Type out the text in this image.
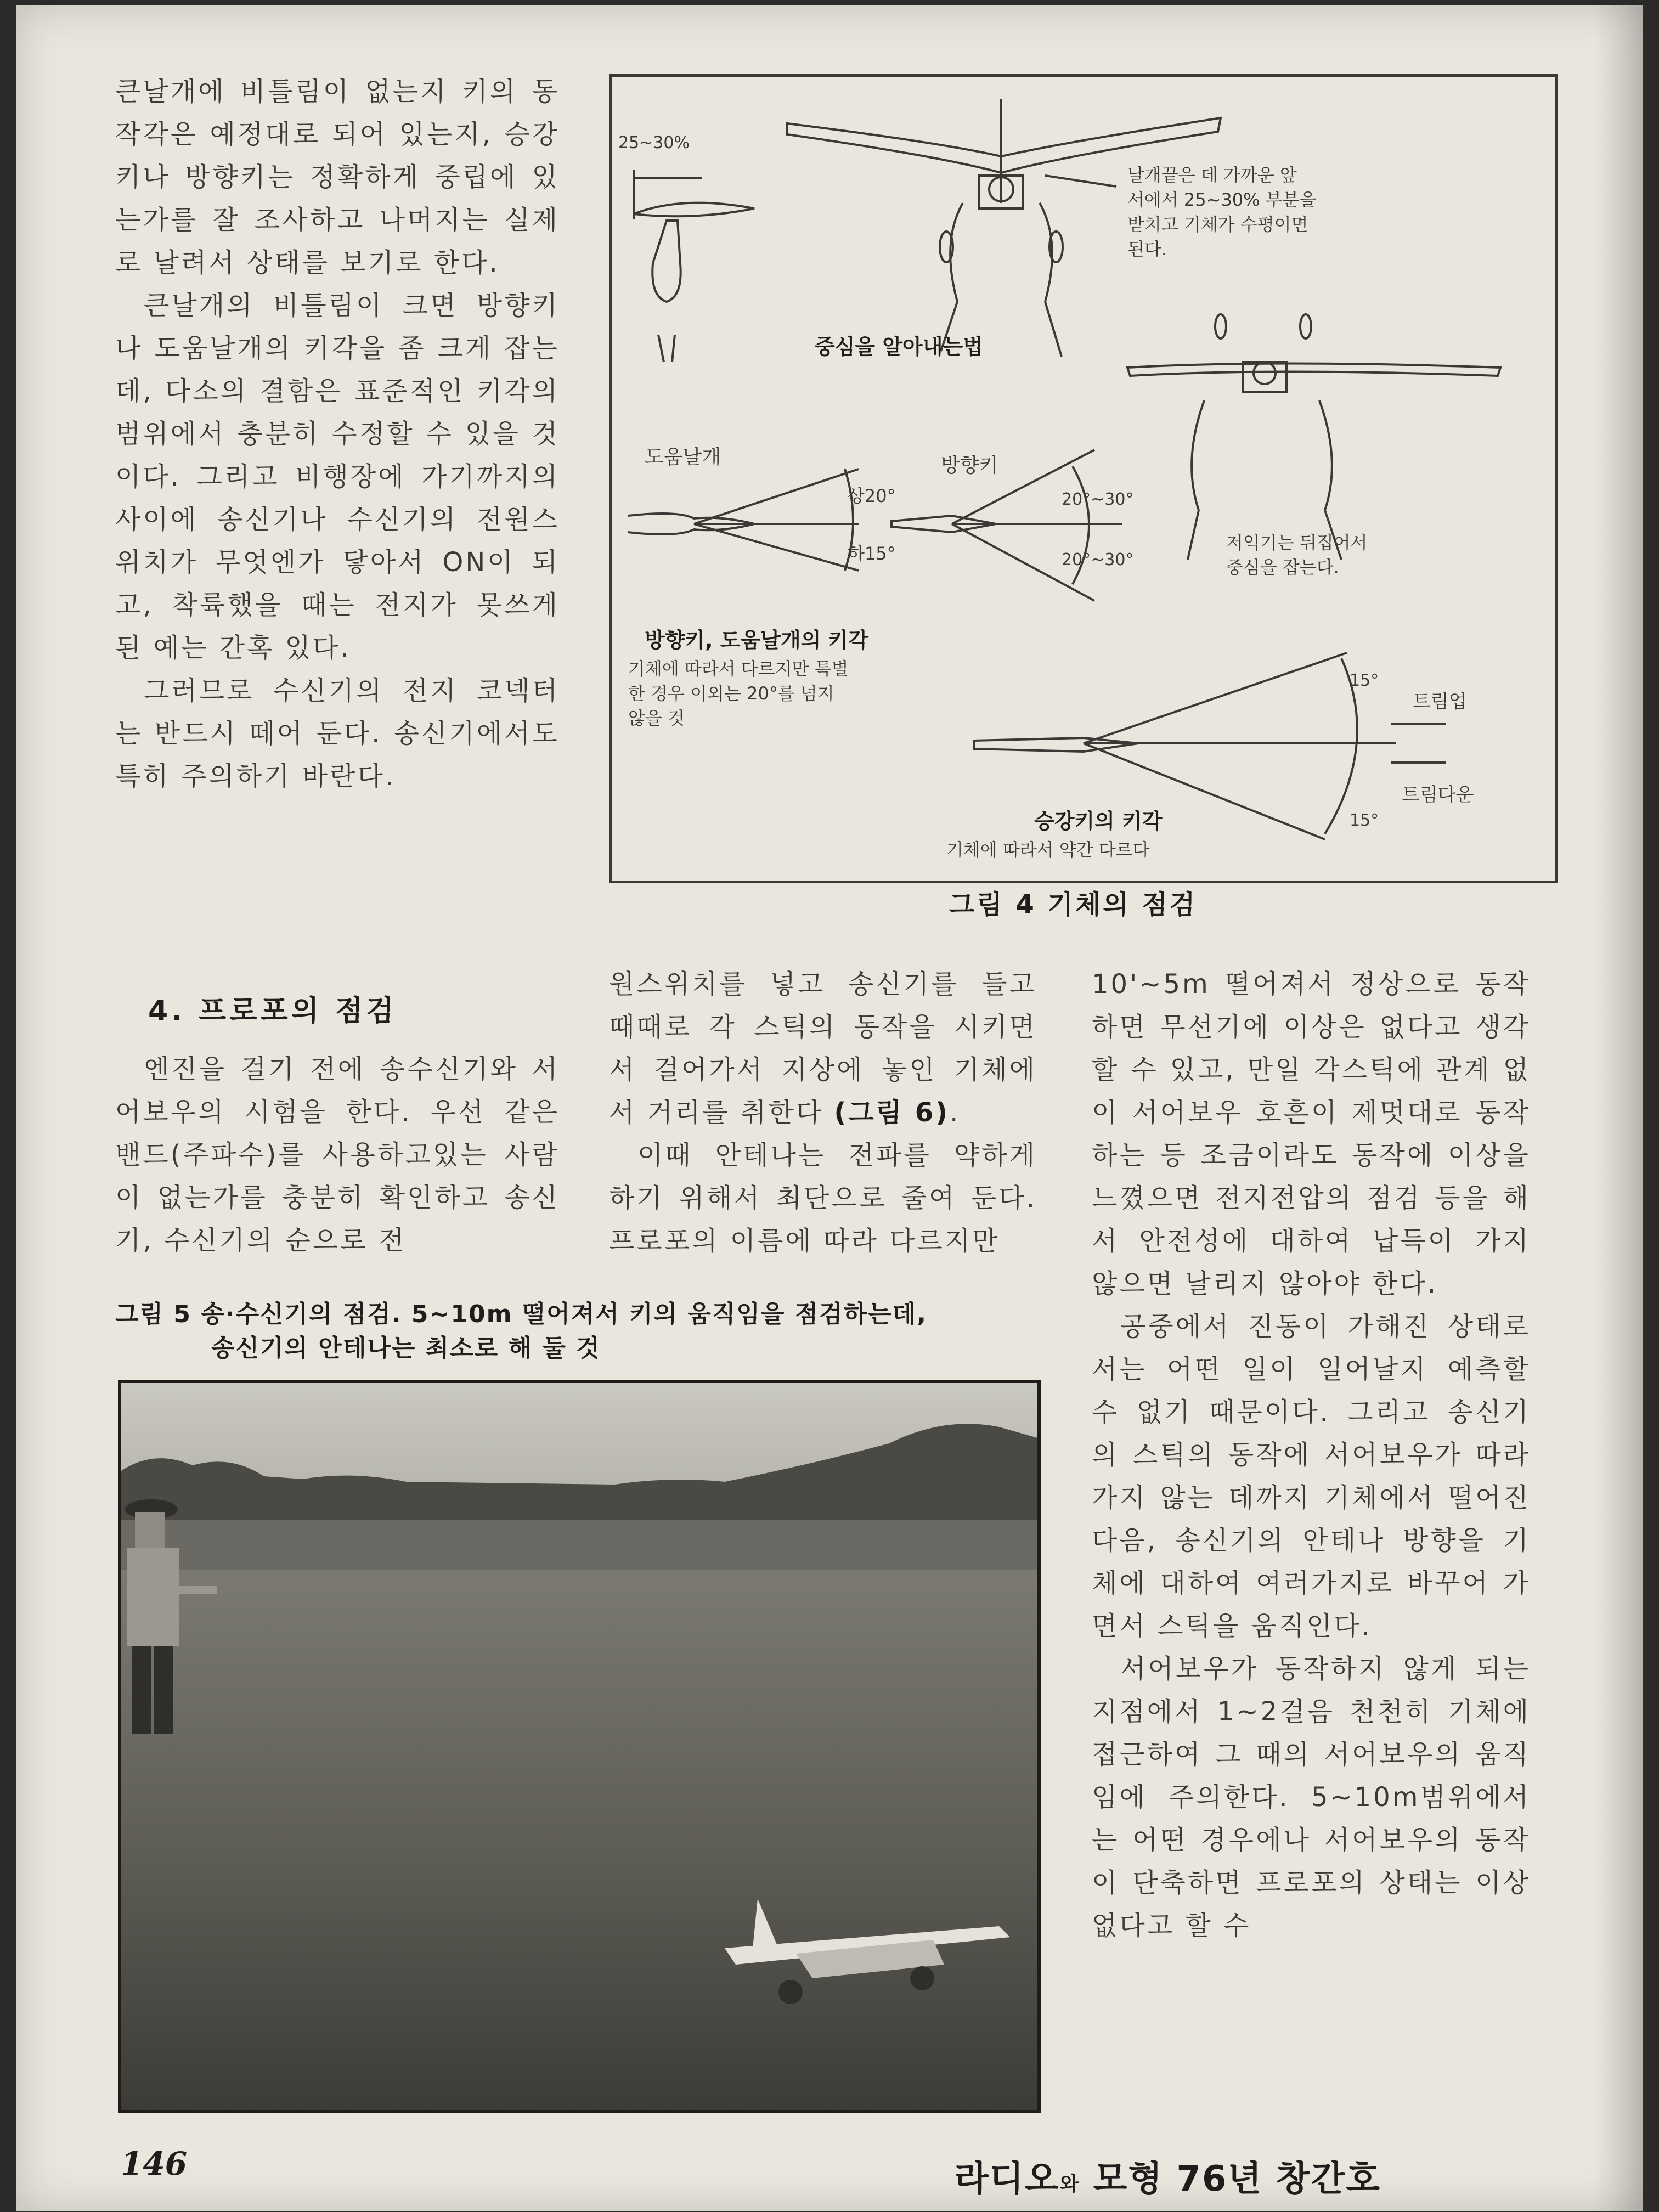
큰날개에 비틀림이 없는지 키의 동작각은 예정대로 되어 있는지, 승강키나 방향키는 정확하게 중립에 있는가를 잘 조사하고 나머지는 실제로 날려서 상태를 보기로 한다.

큰날개의 비틀림이 크면 방향키나 도움날개의 키각을 좀 크게 잡는데, 다소의 결함은 표준적인 키각의 범위에서 충분히 수정할 수 있을 것이다. 그리고 비행장에 가기까지의 사이에 송신기나 수신기의 전원스위치가 무엇엔가 닿아서 ON이 되고, 착륙했을 때는 전지가 못쓰게 된 예는 간혹 있다.

그러므로 수신기의 전지 코넥터는 반드시 떼어 둔다. 송신기에서도 특히 주의하기 바란다.

4. 프로포의 점검

엔진을 걸기 전에 송수신기와 서어보우의 시험을 한다. 우선 같은 밴드(주파수)를 사용하고있는 사람이 없는가를 충분히 확인하고 송신기, 수신기의 순으로 전

원스위치를 넣고 송신기를 들고 때때로 각 스틱의 동작을 시키면서 걸어가서 지상에 놓인 기체에서 거리를 취한다 (그림 6).

이때 안테나는 전파를 약하게 하기 위해서 최단으로 줄여 둔다. 프로포의 이름에 따라 다르지만

10'~5m 떨어져서 정상으로 동작하면 무선기에 이상은 없다고 생각할 수 있고, 만일 각스틱에 관계 없이 서어보우 호흔이 제멋대로 동작하는 등 조금이라도 동작에 이상을 느꼈으면 전지전압의 점검 등을 해서 안전성에 대하여 납득이 가지 않으면 날리지 않아야 한다.

공중에서 진동이 가해진 상태로서는 어떤 일이 일어날지 예측할 수 없기 때문이다. 그리고 송신기의 스틱의 동작에 서어보우가 따라가지 않는 데까지 기체에서 떨어진 다음, 송신기의 안테나 방향을 기체에 대하여 여러가지로 바꾸어 가면서 스틱을 움직인다.

서어보우가 동작하지 않게 되는 지점에서 1~2걸음 천천히 기체에 접근하여 그 때의 서어보우의 움직임에 주의한다. 5~10m범위에서는 어떤 경우에나 서어보우의 동작이 단축하면 프로포의 상태는 이상 없다고 할 수

25~30%
날개끝은 데 가까운 앞
서에서 25~30% 부분을
받치고 기체가 수평이면
된다.
중심을 알아내는법
도움날개
상20°
하15°
방향키
20°~30°
20°~30°
저익기는 뒤집어서
중심을 잡는다.
방향키, 도움날개의 키각
기체에 따라서 다르지만 특별
한 경우 이외는 20°를 넘지
않을 것
15°
15°
트림업
트림다운
승강키의 키각
기체에 따라서 약간 다르다
그림 4 기체의 점검
그림 5 송·수신기의 점검. 5~10m 떨어져서 키의 움직임을 점검하는데,
송신기의 안테나는 최소로 해 둘 것
146	라디오와 모형 76년 창간호
